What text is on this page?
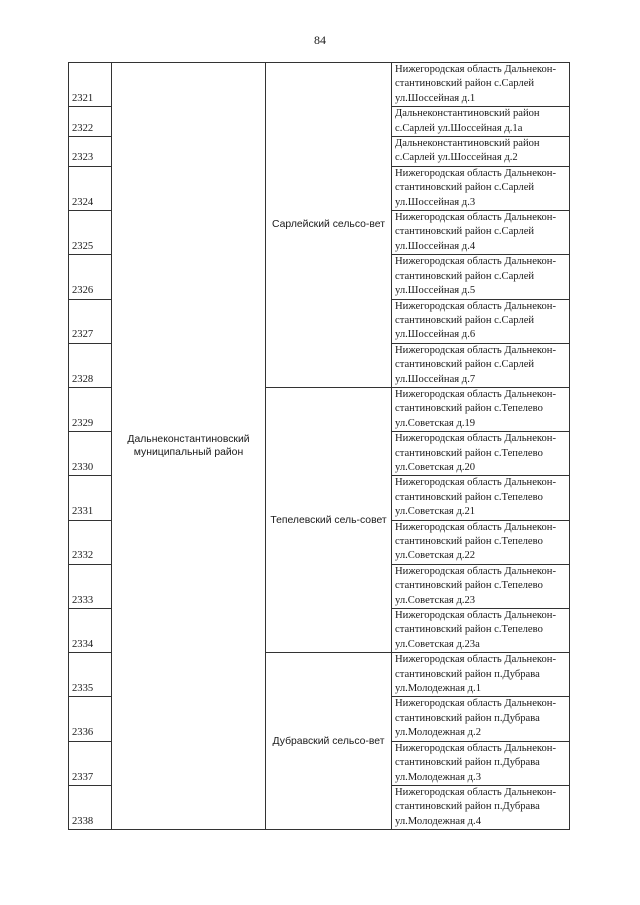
84
2321	Дальнеконстантиновский муниципальный район	Сарлейский сельсо-вет	Нижегородская область Дальнекон-
стантиновский район с.Сарлей
ул.Шоссейная д.1

2322			Дальнеконстантиновский район
с.Сарлей ул.Шоссейная д.1а

2323			Дальнеконстантиновский район
с.Сарлей ул.Шоссейная д.2

2324			Нижегородская область Дальнекон-
стантиновский район с.Сарлей
ул.Шоссейная д.3

2325			Нижегородская область Дальнекон-
стантиновский район с.Сарлей
ул.Шоссейная д.4

2326			Нижегородская область Дальнекон-
стантиновский район с.Сарлей
ул.Шоссейная д.5

2327			Нижегородская область Дальнекон-
стантиновский район с.Сарлей
ул.Шоссейная д.6

2328			Нижегородская область Дальнекон-
стантиновский район с.Сарлей
ул.Шоссейная д.7

2329		Тепелевский сель-совет	Нижегородская область Дальнекон-
стантиновский район с.Тепелево
ул.Советская д.19

2330			Нижегородская область Дальнекон-
стантиновский район с.Тепелево
ул.Советская д.20

2331			Нижегородская область Дальнекон-
стантиновский район с.Тепелево
ул.Советская д.21

2332			Нижегородская область Дальнекон-
стантиновский район с.Тепелево
ул.Советская д.22

2333			Нижегородская область Дальнекон-
стантиновский район с.Тепелево
ул.Советская д.23

2334			Нижегородская область Дальнекон-
стантиновский район с.Тепелево
ул.Советская д.23а

2335		Дубравский сельсо-вет	Нижегородская область Дальнекон-
стантиновский район п.Дубрава
ул.Молодежная д.1

2336			Нижегородская область Дальнекон-
стантиновский район п.Дубрава
ул.Молодежная д.2

2337			Нижегородская область Дальнекон-
стантиновский район п.Дубрава
ул.Молодежная д.3

2338			Нижегородская область Дальнекон-
стантиновский район п.Дубрава
ул.Молодежная д.4
